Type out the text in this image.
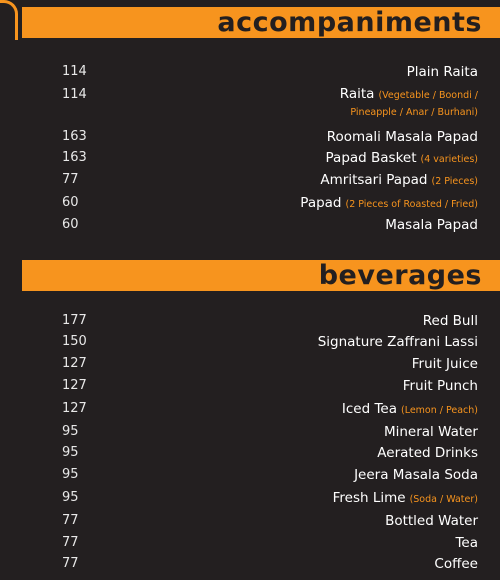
accompaniments
114	Plain Raita
114	Raita (Vegetable / Boondi /
Pineapple / Anar / Burhani)
163	Roomali Masala Papad
163	Papad Basket (4 varieties)
77	Amritsari Papad (2 Pieces)
60	Papad (2 Pieces of Roasted / Fried)
60	Masala Papad
beverages
177	Red Bull
150	Signature Zaffrani Lassi
127	Fruit Juice
127	Fruit Punch
127	Iced Tea (Lemon / Peach)
95	Mineral Water
95	Aerated Drinks
95	Jeera Masala Soda
95	Fresh Lime (Soda / Water)
77	Bottled Water
77	Tea
77	Coffee
